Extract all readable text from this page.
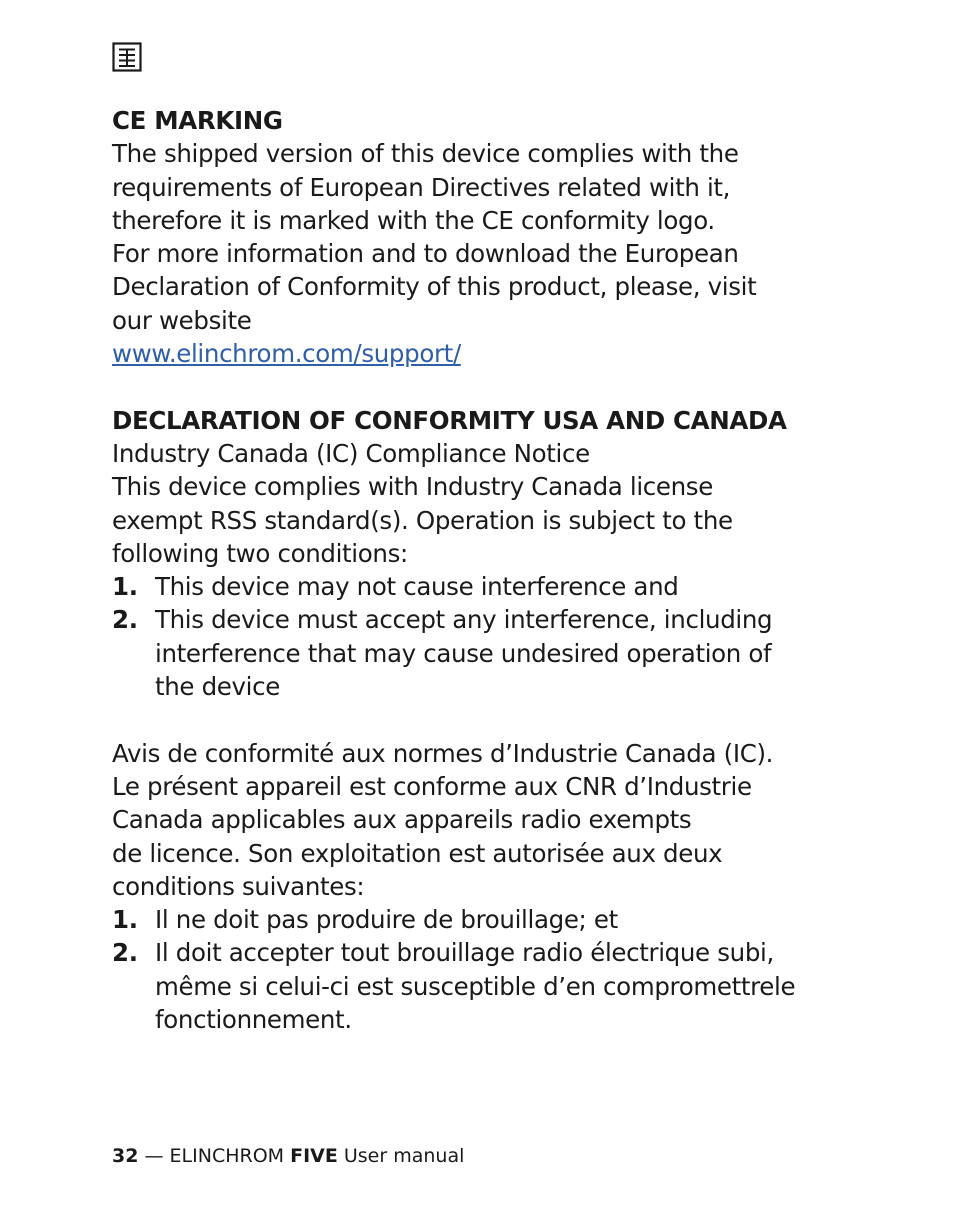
CE MARKING

The shipped version of this device complies with the

requirements of European Directives related with it,

therefore it is marked with the CE conformity logo.

For more information and to download the European

Declaration of Conformity of this product, please, visit

our website

www.elinchrom.com/support/

DECLARATION OF CONFORMITY USA AND CANADA

Industry Canada (IC) Compliance Notice

This device complies with Industry Canada license

exempt RSS standard(s). Operation is subject to the

following two conditions:

1. This device may not cause interference and
2. This device must accept any interference, including
interference that may cause undesired operation of
the device

Avis de conformité aux normes d’Industrie Canada (IC).

Le présent appareil est conforme aux CNR d’Industrie

Canada applicables aux appareils radio exempts

de licence. Son exploitation est autorisée aux deux

conditions suivantes:

1. Il ne doit pas produire de brouillage; et
2. Il doit accepter tout brouillage radio électrique subi,
même si celui-ci est susceptible d’en compromettrele
fonctionnement.
32 — ELINCHROM FIVE User manual
